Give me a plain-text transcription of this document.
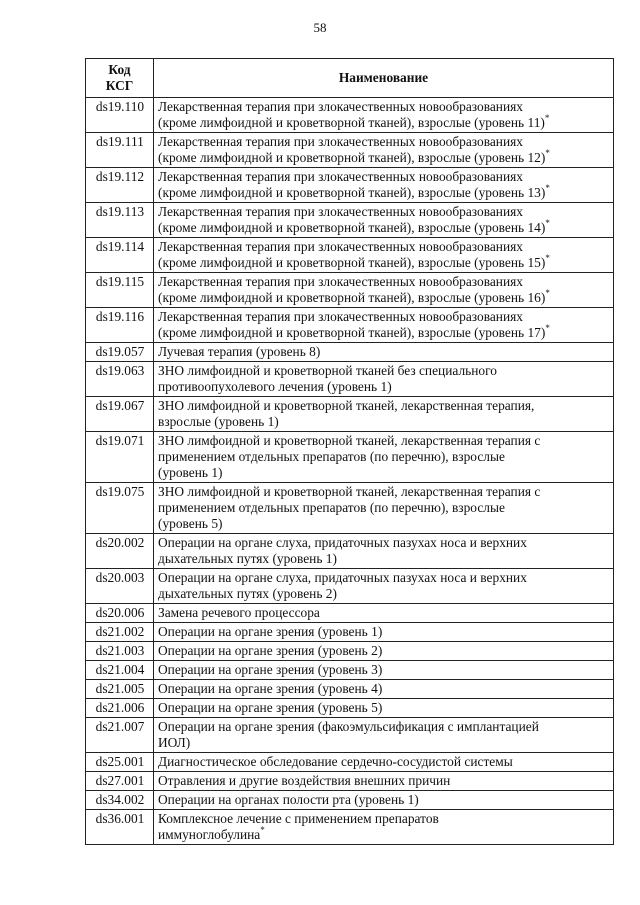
58
Код
КСГ	Наименование
ds19.110	Лекарственная терапия при злокачественных новообразованиях
(кроме лимфоидной и кроветворной тканей), взрослые (уровень 11)*

ds19.111	Лекарственная терапия при злокачественных новообразованиях
(кроме лимфоидной и кроветворной тканей), взрослые (уровень 12)*

ds19.112	Лекарственная терапия при злокачественных новообразованиях
(кроме лимфоидной и кроветворной тканей), взрослые (уровень 13)*

ds19.113	Лекарственная терапия при злокачественных новообразованиях
(кроме лимфоидной и кроветворной тканей), взрослые (уровень 14)*

ds19.114	Лекарственная терапия при злокачественных новообразованиях
(кроме лимфоидной и кроветворной тканей), взрослые (уровень 15)*

ds19.115	Лекарственная терапия при злокачественных новообразованиях
(кроме лимфоидной и кроветворной тканей), взрослые (уровень 16)*

ds19.116	Лекарственная терапия при злокачественных новообразованиях
(кроме лимфоидной и кроветворной тканей), взрослые (уровень 17)*

ds19.057	Лучевая терапия (уровень 8)

ds19.063	ЗНО лимфоидной и кроветворной тканей без специального
противоопухолевого лечения (уровень 1)

ds19.067	ЗНО лимфоидной и кроветворной тканей, лекарственная терапия,
взрослые (уровень 1)

ds19.071	ЗНО лимфоидной и кроветворной тканей, лекарственная терапия с
применением отдельных препаратов (по перечню), взрослые
(уровень 1)

ds19.075	ЗНО лимфоидной и кроветворной тканей, лекарственная терапия с
применением отдельных препаратов (по перечню), взрослые
(уровень 5)

ds20.002	Операции на органе слуха, придаточных пазухах носа и верхних
дыхательных путях (уровень 1)

ds20.003	Операции на органе слуха, придаточных пазухах носа и верхних
дыхательных путях (уровень 2)

ds20.006	Замена речевого процессора

ds21.002	Операции на органе зрения (уровень 1)

ds21.003	Операции на органе зрения (уровень 2)

ds21.004	Операции на органе зрения (уровень 3)

ds21.005	Операции на органе зрения (уровень 4)

ds21.006	Операции на органе зрения (уровень 5)

ds21.007	Операции на органе зрения (факоэмульсификация с имплантацией
ИОЛ)

ds25.001	Диагностическое обследование сердечно-сосудистой системы

ds27.001	Отравления и другие воздействия внешних причин

ds34.002	Операции на органах полости рта (уровень 1)

ds36.001	Комплексное лечение с применением препаратов
иммуноглобулина*
